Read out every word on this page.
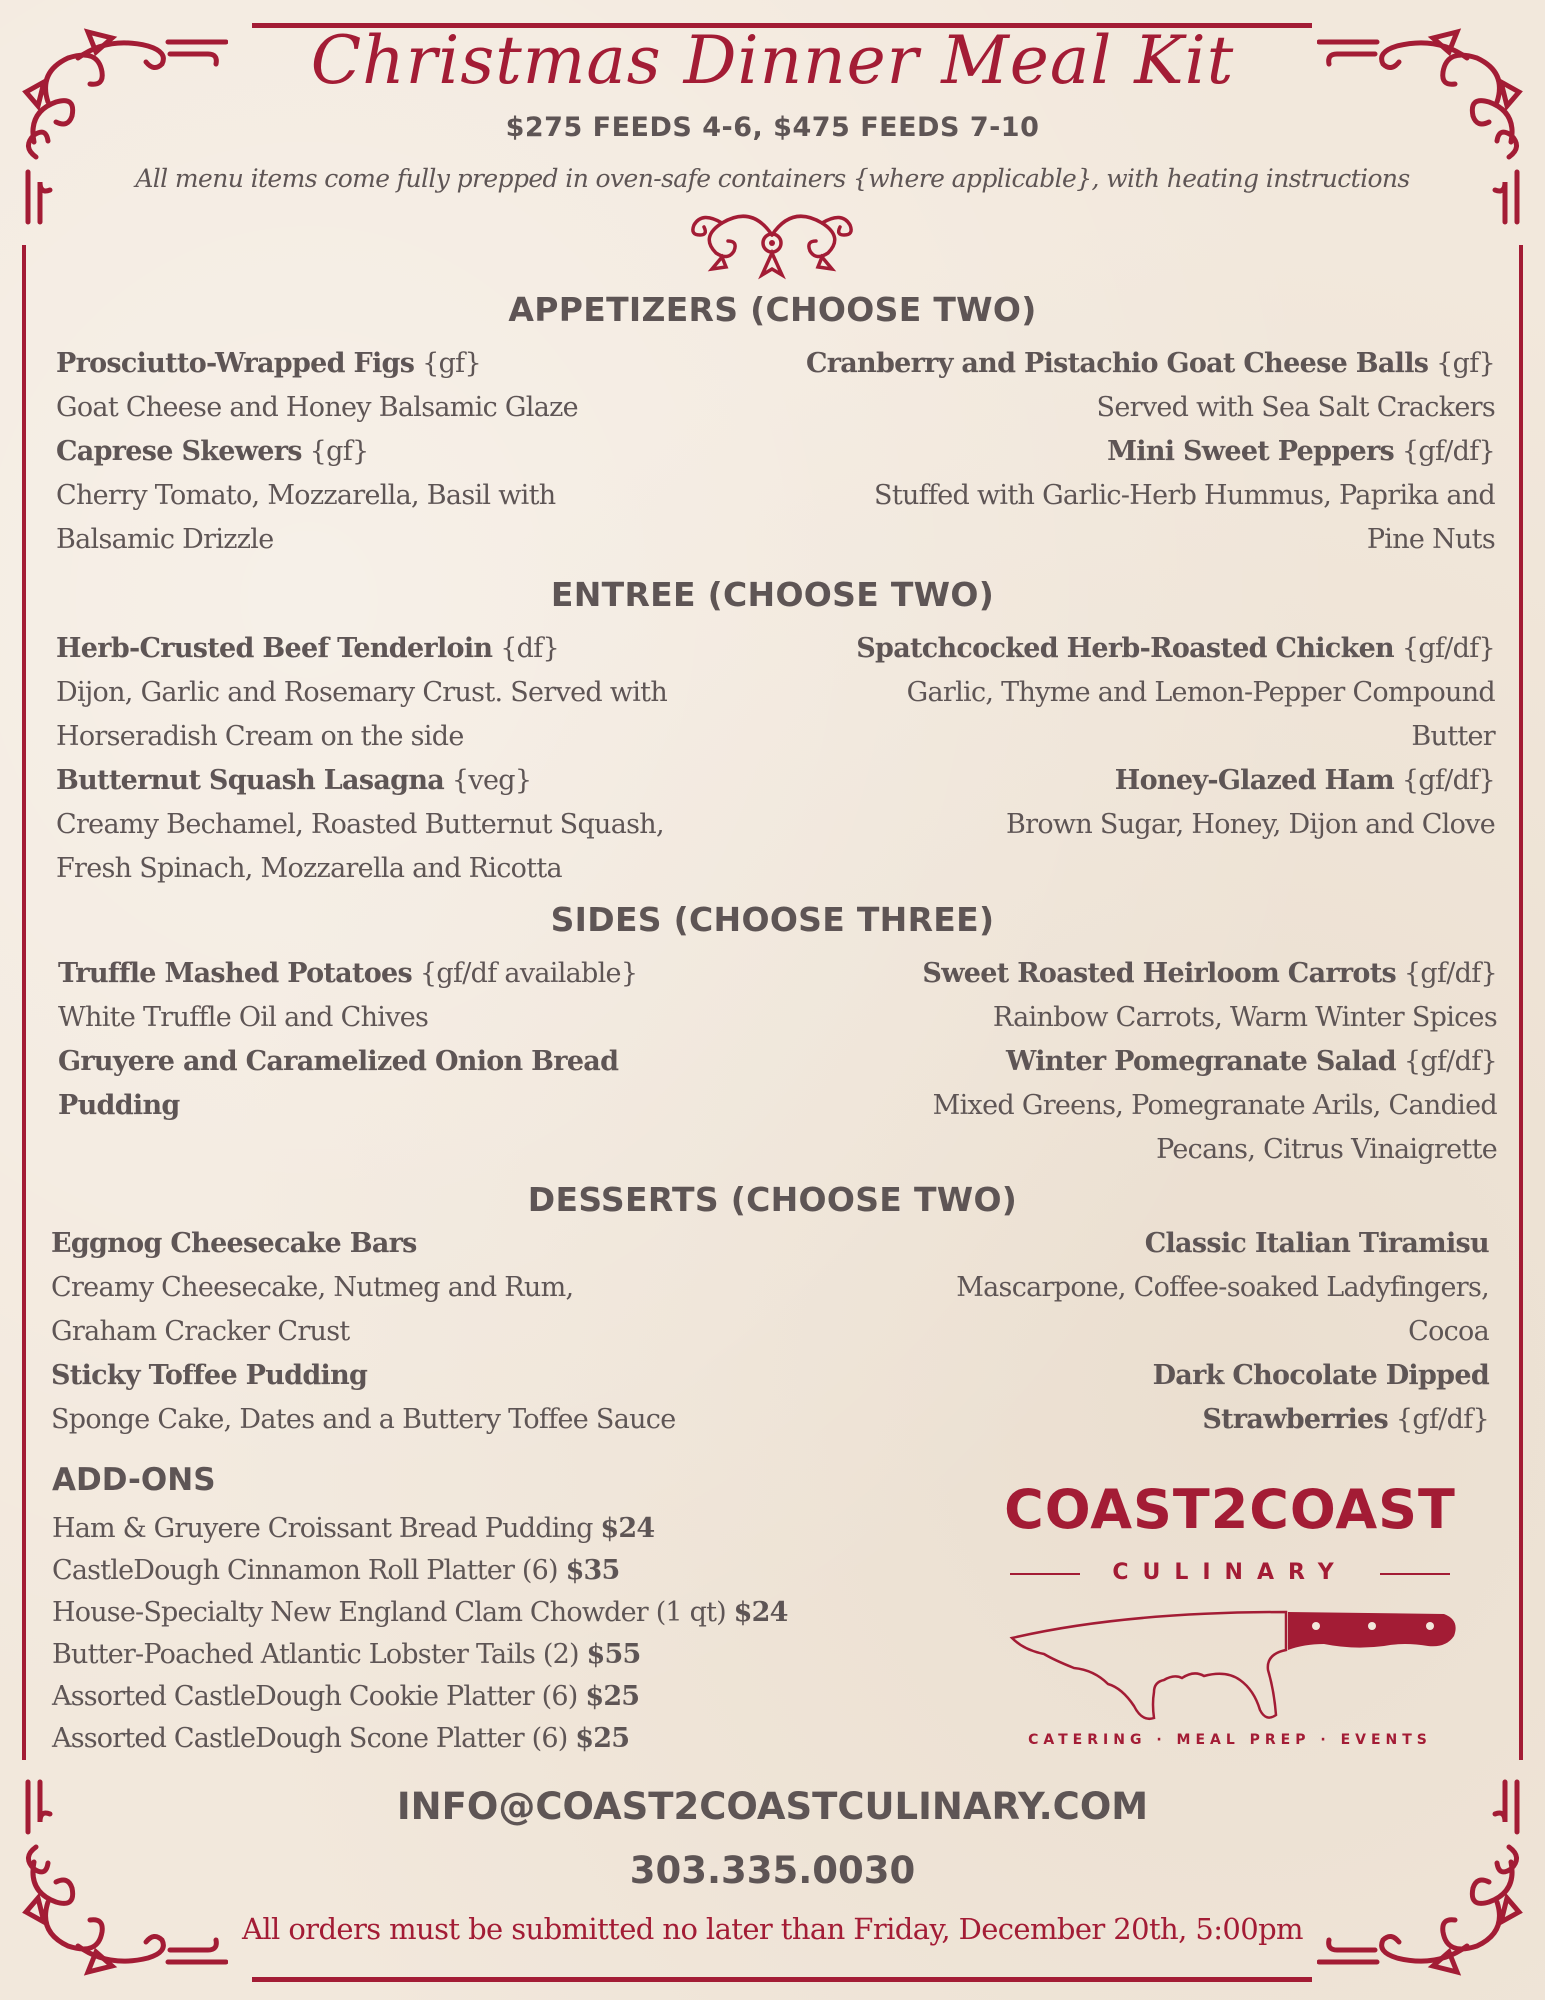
Christmas Dinner Meal Kit
$275 FEEDS 4-6, $475 FEEDS 7-10
All menu items come fully prepped in oven-safe containers {where applicable}, with heating instructions
APPETIZERS (CHOOSE TWO)
Prosciutto-Wrapped Figs {gf}
Goat Cheese and Honey Balsamic Glaze
Caprese Skewers {gf}
Cherry Tomato, Mozzarella, Basil with
Balsamic Drizzle
Cranberry and Pistachio Goat Cheese Balls {gf}
Served with Sea Salt Crackers
Mini Sweet Peppers {gf/df}
Stuffed with Garlic-Herb Hummus, Paprika and
Pine Nuts
ENTREE (CHOOSE TWO)
Herb-Crusted Beef Tenderloin {df}
Dijon, Garlic and Rosemary Crust. Served with
Horseradish Cream on the side
Butternut Squash Lasagna {veg}
Creamy Bechamel, Roasted Butternut Squash,
Fresh Spinach, Mozzarella and Ricotta
Spatchcocked Herb-Roasted Chicken {gf/df}
Garlic, Thyme and Lemon-Pepper Compound
Butter
Honey-Glazed Ham {gf/df}
Brown Sugar, Honey, Dijon and Clove
SIDES (CHOOSE THREE)
Truffle Mashed Potatoes {gf/df available}
White Truffle Oil and Chives
Gruyere and Caramelized Onion Bread
Pudding
Sweet Roasted Heirloom Carrots {gf/df}
Rainbow Carrots, Warm Winter Spices
Winter Pomegranate Salad {gf/df}
Mixed Greens, Pomegranate Arils, Candied
Pecans, Citrus Vinaigrette
DESSERTS (CHOOSE TWO)
Eggnog Cheesecake Bars
Creamy Cheesecake, Nutmeg and Rum,
Graham Cracker Crust
Sticky Toffee Pudding
Sponge Cake, Dates and a Buttery Toffee Sauce
Classic Italian Tiramisu
Mascarpone, Coffee-soaked Ladyfingers,
Cocoa
Dark Chocolate Dipped
Strawberries {gf/df}
ADD-ONS
Ham & Gruyere Croissant Bread Pudding $24
CastleDough Cinnamon Roll Platter (6) $35
House-Specialty New England Clam Chowder (1 qt) $24
Butter-Poached Atlantic Lobster Tails (2) $55
Assorted CastleDough Cookie Platter (6) $25
Assorted CastleDough Scone Platter (6) $25
COAST2COAST
CULINARY
CATERING · MEAL PREP · EVENTS
INFO@COAST2COASTCULINARY.COM
303.335.0030
All orders must be submitted no later than Friday, December 20th, 5:00pm
